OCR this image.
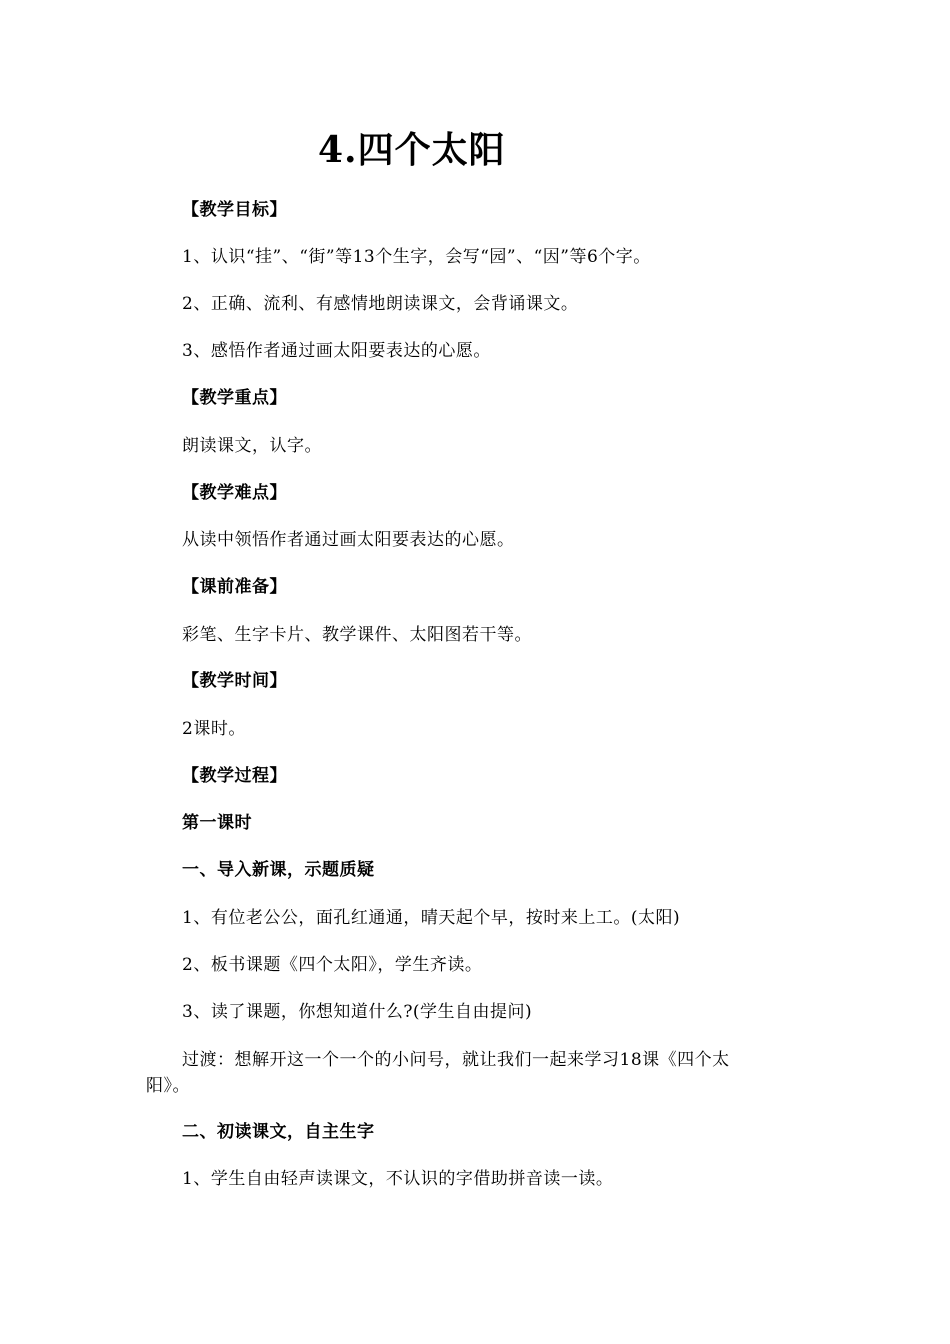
4.四个太阳
【教学目标】
1、认识“挂”、“街”等13个生字，会写“园”、“因”等6个字。
2、正确、流利、有感情地朗读课文，会背诵课文。
3、感悟作者通过画太阳要表达的心愿。
【教学重点】
朗读课文，认字。
【教学难点】
从读中领悟作者通过画太阳要表达的心愿。
【课前准备】
彩笔、生字卡片、教学课件、太阳图若干等。
【教学时间】
2课时。
【教学过程】
第一课时
一、导入新课，示题质疑
1、有位老公公，面孔红通通，晴天起个早，按时来上工。(太阳)
2、板书课题《四个太阳》，学生齐读。
3、读了课题，你想知道什么?(学生自由提问)
过渡：想解开这一个一个的小问号，就让我们一起来学习18课《四个太
阳》。
二、初读课文，自主生字
1、学生自由轻声读课文，不认识的字借助拼音读一读。
